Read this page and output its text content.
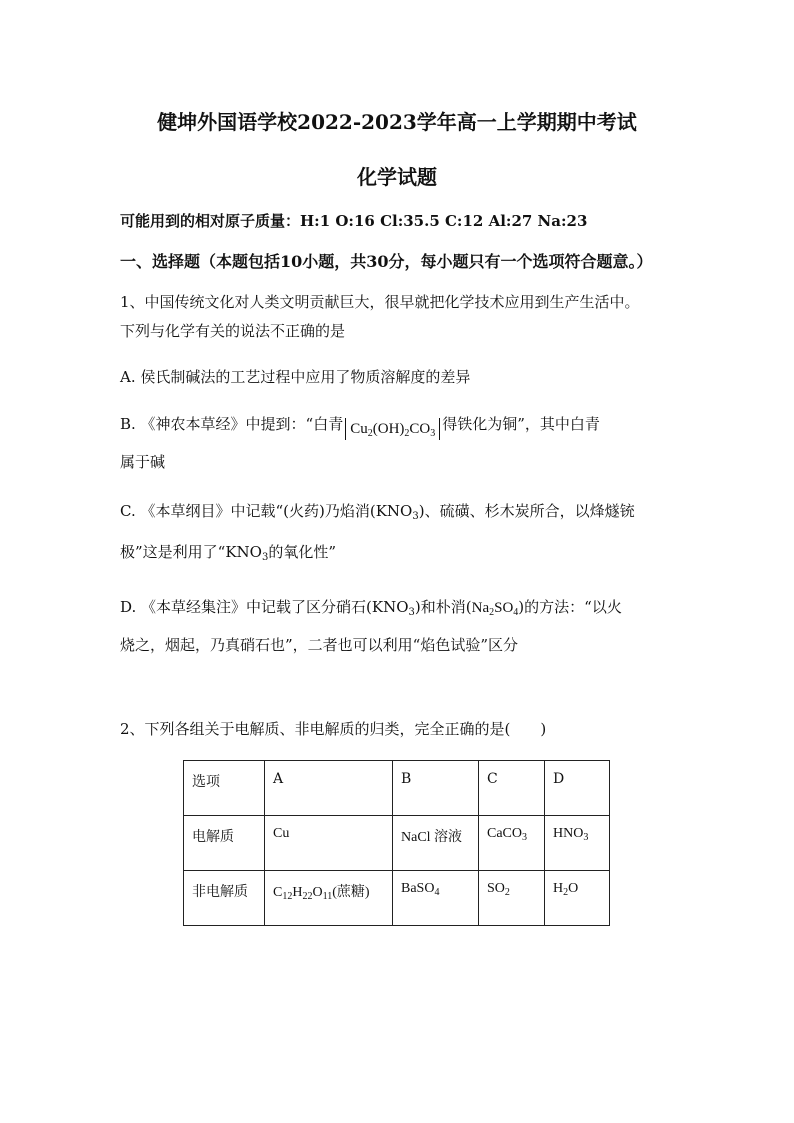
健坤外国语学校2022-2023学年高一上学期期中考试
化学试题
可能用到的相对原子质量：H:1 O:16 Cl:35.5 C:12 Al:27 Na:23
一、选择题（本题包括10小题，共30分，每小题只有一个选项符合题意。）
1、中国传统文化对人类文明贡献巨大，很早就把化学技术应用到生产生活中。
下列与化学有关的说法不正确的是
A. 侯氏制碱法的工艺过程中应用了物质溶解度的差异
B. 《神农本草经》中提到：“白青 $Cu_2(OH)_2CO_3$得铁化为铜”，其中白青
属于碱
C. 《本草纲目》中记载“(火药)乃焰消$(KNO_3)$、硫磺、杉木炭所合，以烽燧铳
极”这是利用了“$KNO_3$的氧化性”
D. 《本草经集注》中记载了区分硝石$(KNO_3)$和朴消$(Na_2SO_4)$的方法：“以火
烧之，烟起，乃真硝石也”，二者也可以利用“焰色试验”区分
2、下列各组关于电解质、非电解质的归类，完全正确的是(　　)
选项	A	B	C	D
电解质	Cu	NaCl 溶液	CaCO$_3$	$HNO_3$
非电解质	$C_{12}H_{22}O_{11}$(蔗糖)	BaSO$_4$	$SO_2$	$H_2O$
